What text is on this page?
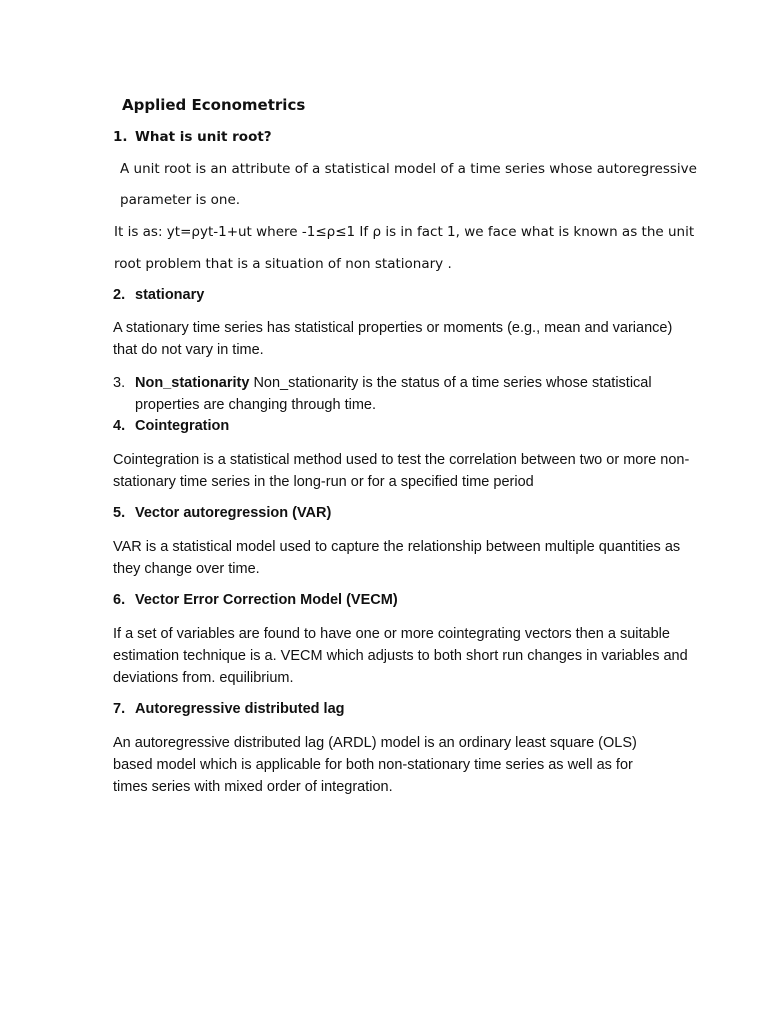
Applied Econometrics
1. What is unit root?
A unit root is an attribute of a statistical model of a time series whose autoregressive
parameter is one.
It is as: yt=ρyt-1+ut where -1≤ρ≤1 If ρ is in fact 1, we face what is known as the unit
root problem that is a situation of non stationary .
2. stationary
A stationary time series has statistical properties or moments (e.g., mean and variance) that do not vary in time.
3. Non_stationarity Non_stationarity is the status of a time series whose statistical properties are changing through time.
4. Cointegration
Cointegration is a statistical method used to test the correlation between two or more non-stationary time series in the long-run or for a specified time period
5. Vector autoregression (VAR)
VAR is a statistical model used to capture the relationship between multiple quantities as they change over time.
6. Vector Error Correction Model (VECM)
If a set of variables are found to have one or more cointegrating vectors then a suitable estimation technique is a. VECM which adjusts to both short run changes in variables and deviations from. equilibrium.
7. Autoregressive distributed lag
An autoregressive distributed lag (ARDL) model is an ordinary least square (OLS) based model which is applicable for both non-stationary time series as well as for times series with mixed order of integration.
